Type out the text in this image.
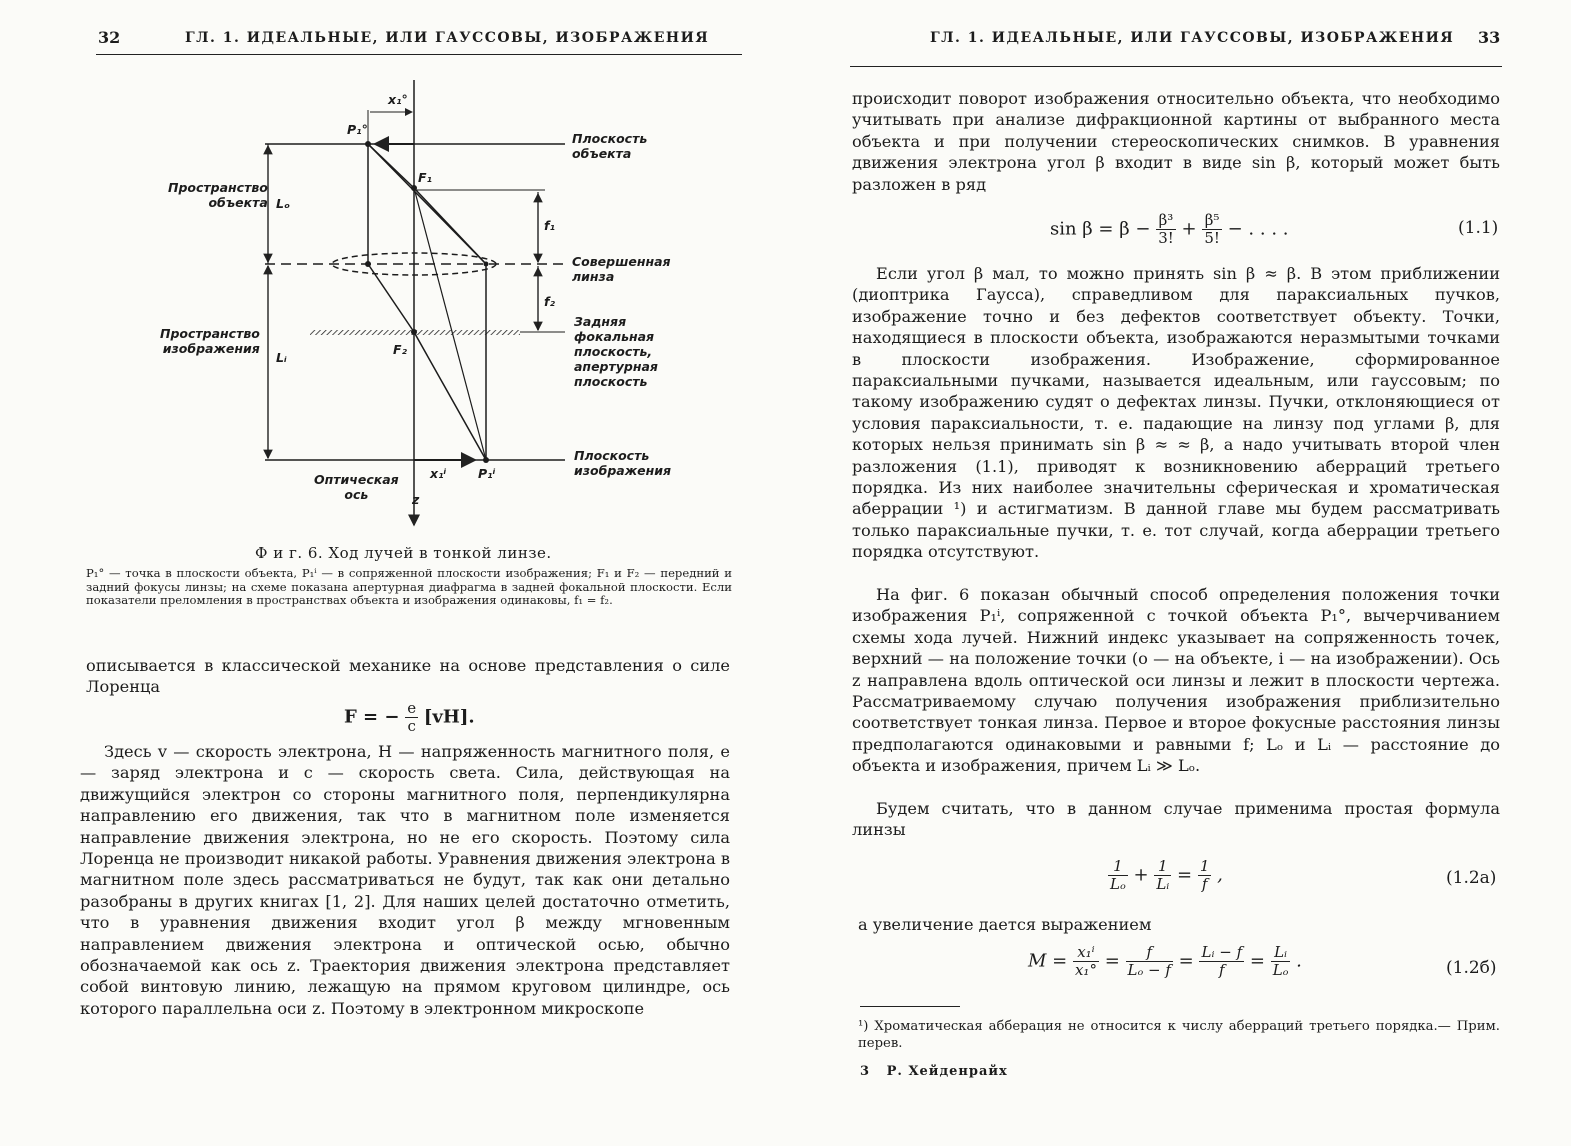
32	ГЛ. 1. ИДЕАЛЬНЫЕ, ИЛИ ГАУССОВЫ, ИЗОБРАЖЕНИЯ
x₁°
P₁°
Плоскость
объекта
Пространство
объекта Lₒ
F₁
f₁
Совершенная
линза
f₂
Задняя
фокальная
плоскость,
апертурная
плоскость
Пространство
изображения
Lᵢ
F₂
Плоскость
изображения
Оптическая
ось
x₁ⁱ	P₁ⁱ
z
Ф и г. 6. Ход лучей в тонкой линзе.

P₁° — точка в плоскости объекта, P₁ⁱ — в сопряженной плоскости изображения; F₁ и F₂ — передний и задний фокусы линзы; на схеме показана апертурная диафрагма в задней фокальной плоскости. Если показатели преломления в пространствах объекта и изображения одинаковы, f₁ = f₂.

описывается в классической механике на основе представления о силе Лоренца

F = − $\frac{e}{c} [vH]$.

Здесь v — скорость электрона, H — напряженность магнитного поля, e — заряд электрона и c — скорость света. Сила, действующая на движущийся электрон со стороны магнитного поля, перпендикулярна направлению его движения, так что в магнитном поле изменяется направление движения электрона, но не его скорость. Поэтому сила Лоренца не производит никакой работы. Уравнения движения электрона в магнитном поле здесь рассматриваться не будут, так как они детально разобраны в других книгах [1, 2]. Для наших целей достаточно отметить, что в уравнения движения входит угол β между мгновенным направлением движения электрона и оптической осью, обычно обозначаемой как ось z. Траектория движения электрона представляет собой винтовую линию, лежащую на прямом круговом цилиндре, ось которого параллельна оси z. Поэтому в электронном микроскопе

ГЛ. 1. ИДЕАЛЬНЫЕ, ИЛИ ГАУССОВЫ, ИЗОБРАЖЕНИЯ 33

происходит поворот изображения относительно объекта, что необходимо учитывать при анализе дифракционной картины от выбранного места объекта и при получении стереоскопических снимков. В уравнения движения электрона угол β входит в виде sin β, который может быть разложен в ряд

$\sin \beta = \beta - \frac{\text{β³}}{3!} + \frac{\text{β⁵}}{5!}$ − . . . .	(1.1)

Если угол β мал, то можно принять sin β ≈ β. В этом приближении (диоптрика Гаусса), справедливом для параксиальных пучков, изображение точно и без дефектов соответствует объекту. Точки, находящиеся в плоскости объекта, изображаются неразмытыми точками в плоскости изображения. Изображение, сформированное параксиальными пучками, называется идеальным, или гауссовым; по такому изображению судят о дефектах линзы. Пучки, отклоняющиеся от условия параксиальности, т. е. падающие на линзу под углами β, для которых нельзя принимать sin β ≈ ≈ β, а надо учитывать второй член разложения (1.1), приводят к возникновению аберраций третьего порядка. Из них наиболее значительны сферическая и хроматическая аберрации ¹) и астигматизм. В данной главе мы будем рассматривать только параксиальные пучки, т. е. тот случай, когда аберрации третьего порядка отсутствуют.

На фиг. 6 показан обычный способ определения положения точки изображения P₁ⁱ, сопряженной с точкой объекта P₁°, вычерчиванием схемы хода лучей. Нижний индекс указывает на сопряженность точек, верхний — на положение точки (o — на объекте, i — на изображении). Ось z направлена вдоль оптической оси линзы и лежит в плоскости чертежа. Рассматриваемому случаю получения изображения приблизительно соответствует тонкая линза. Первое и второе фокусные расстояния линзы предполагаются одинаковыми и равными f; Lₒ и Lᵢ — расстояние до объекта и изображения, причем Lᵢ ≫ Lₒ.

Будем считать, что в данном случае применима простая формула линзы

$\frac{1}{\text{Lₒ}} + \frac{1}{\text{Lᵢ}} = \frac{1}{f}$ ,	(1.2а)

а увеличение дается выражением

$M = \frac{\text{x₁ⁱ}}{\text{x₁°}} = \frac{f}{\text{Lₒ − f}} = \frac{\text{Lᵢ − f}}{f} = \frac{\text{Lᵢ}}{\text{Lₒ}}$ .	(1.2б)

¹) Хроматическая абберация не относится к числу аберраций третьего порядка.— Прим. перев.

3   Р. Хейденрайх
